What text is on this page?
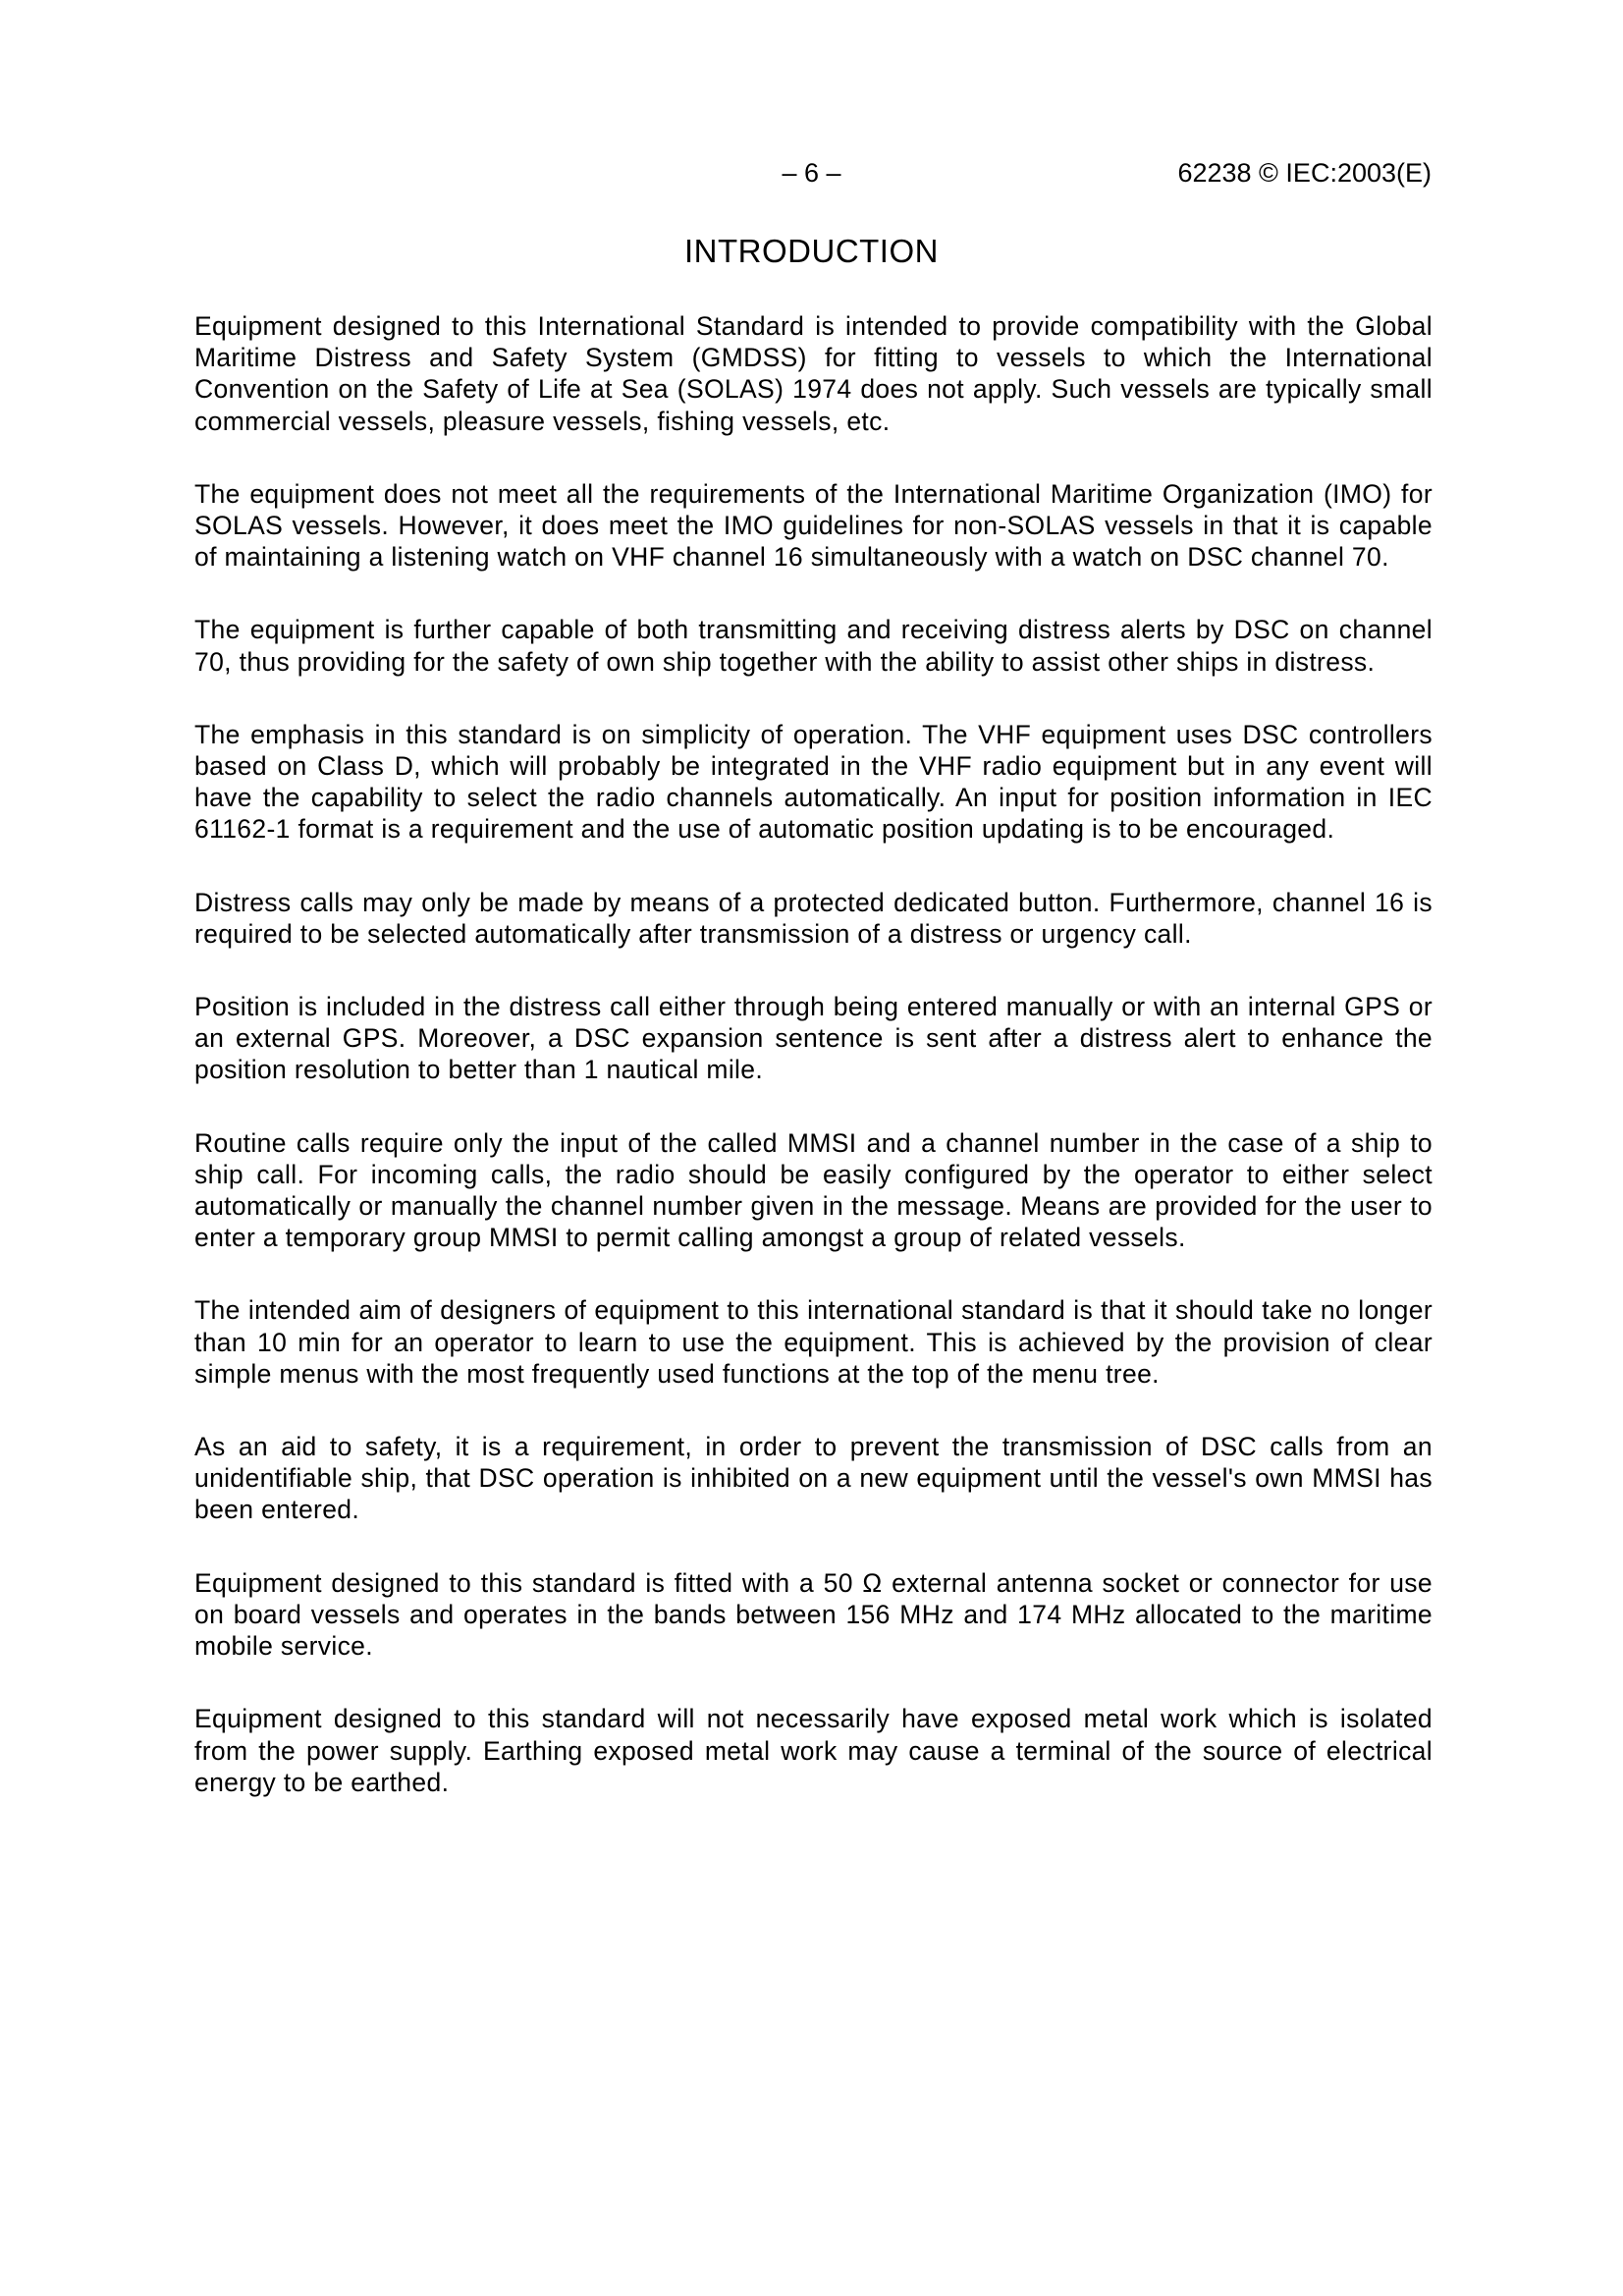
– 6 –	62238 © IEC:2003(E)
INTRODUCTION

Equipment designed to this International Standard is intended to provide compatibility with the Global Maritime Distress and Safety System (GMDSS) for fitting to vessels to which the International Convention on the Safety of Life at Sea (SOLAS) 1974 does not apply. Such vessels are typically small commercial vessels, pleasure vessels, fishing vessels, etc.

The equipment does not meet all the requirements of the International Maritime Organization (IMO) for SOLAS vessels. However, it does meet the IMO guidelines for non-SOLAS vessels in that it is capable of maintaining a listening watch on VHF channel 16 simultaneously with a watch on DSC channel 70.

The equipment is further capable of both transmitting and receiving distress alerts by DSC on channel 70, thus providing for the safety of own ship together with the ability to assist other ships in distress.

The emphasis in this standard is on simplicity of operation. The VHF equipment uses DSC controllers based on Class D, which will probably be integrated in the VHF radio equipment but in any event will have the capability to select the radio channels automatically. An input for position information in IEC 61162-1 format is a requirement and the use of automatic position updating is to be encouraged.

Distress calls may only be made by means of a protected dedicated button. Furthermore, channel 16 is required to be selected automatically after transmission of a distress or urgency call.

Position is included in the distress call either through being entered manually or with an internal GPS or an external GPS. Moreover, a DSC expansion sentence is sent after a distress alert to enhance the position resolution to better than 1 nautical mile.

Routine calls require only the input of the called MMSI and a channel number in the case of a ship to ship call. For incoming calls, the radio should be easily configured by the operator to either select automatically or manually the channel number given in the message. Means are provided for the user to enter a temporary group MMSI to permit calling amongst a group of related vessels.

The intended aim of designers of equipment to this international standard is that it should take no longer than 10 min for an operator to learn to use the equipment. This is achieved by the provision of clear simple menus with the most frequently used functions at the top of the menu tree.

As an aid to safety, it is a requirement, in order to prevent the transmission of DSC calls from an unidentifiable ship, that DSC operation is inhibited on a new equipment until the vessel's own MMSI has been entered.

Equipment designed to this standard is fitted with a 50 Ω external antenna socket or connector for use on board vessels and operates in the bands between 156 MHz and 174 MHz allocated to the maritime mobile service.

Equipment designed to this standard will not necessarily have exposed metal work which is isolated from the power supply. Earthing exposed metal work may cause a terminal of the source of electrical energy to be earthed.
